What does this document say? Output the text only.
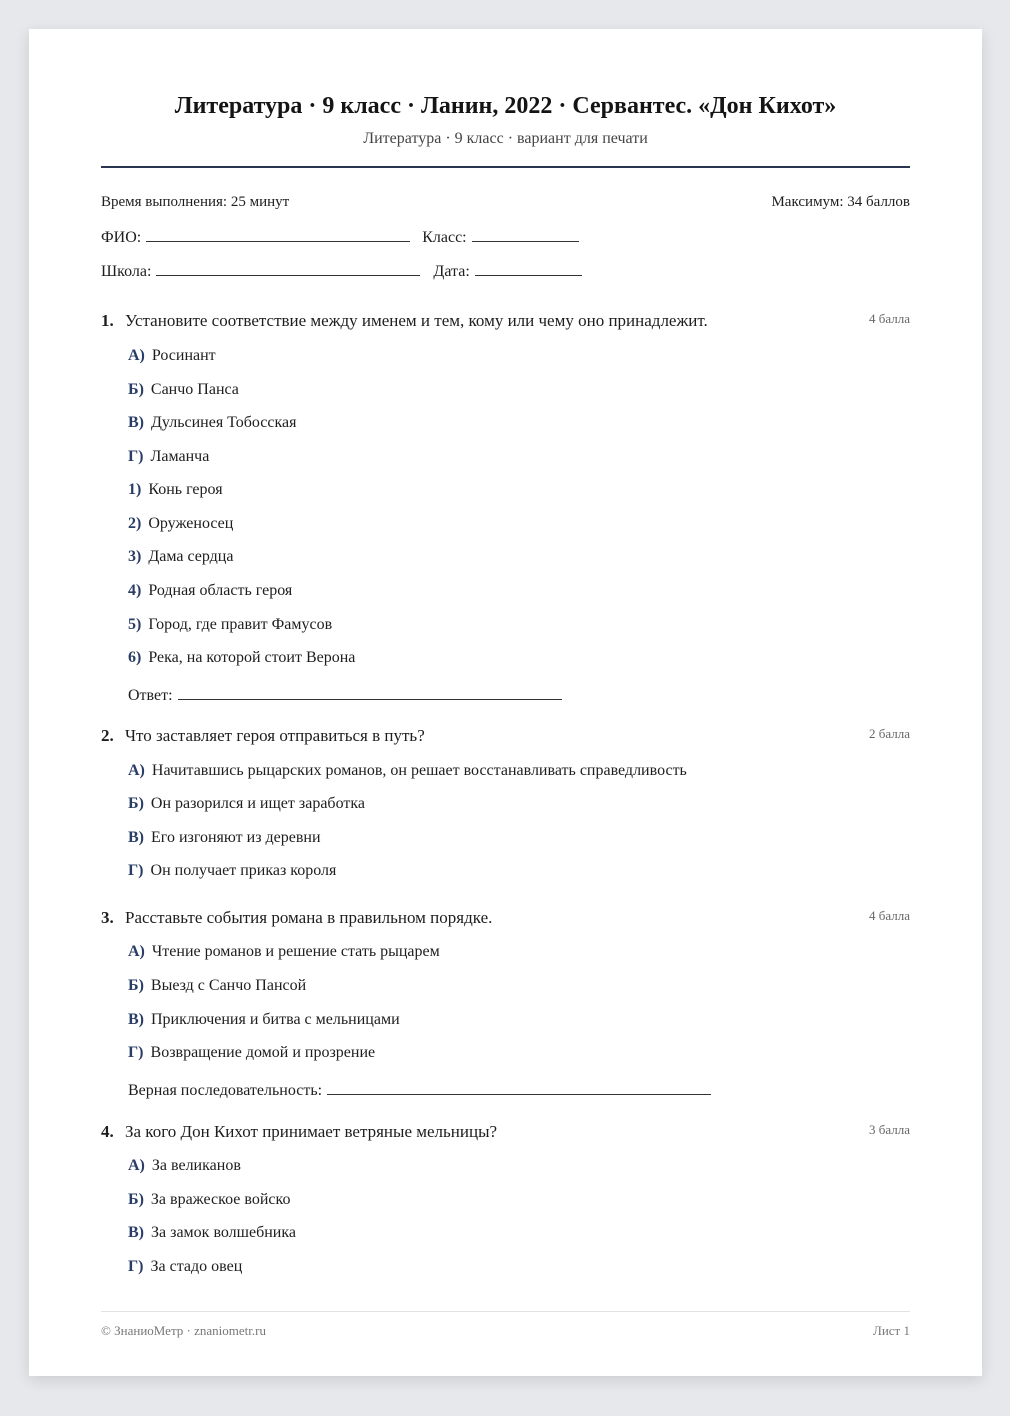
Литература · 9 класс · Ланин, 2022 · Сервантес. «Дон Кихот»
Литература · 9 класс · вариант для печати
Время выполнения: 25 минут	Максимум: 34 баллов
ФИО:	Класс:
Школа:	Дата:
1. Установите соответствие между именем и тем, кому или чему оно принадлежит.	4 балла
А) Росинант
Б) Санчо Панса
В) Дульсинея Тобосская
Г) Ламанча
1) Конь героя
2) Оруженосец
3) Дама сердца
4) Родная область героя
5) Город, где правит Фамусов
6) Река, на которой стоит Верона
Ответ:
2. Что заставляет героя отправиться в путь?	2 балла
А) Начитавшись рыцарских романов, он решает восстанавливать справедливость
Б) Он разорился и ищет заработка
В) Его изгоняют из деревни
Г) Он получает приказ короля
3. Расставьте события романа в правильном порядке.	4 балла
А) Чтение романов и решение стать рыцарем
Б) Выезд с Санчо Пансой
В) Приключения и битва с мельницами
Г) Возвращение домой и прозрение
Верная последовательность:
4. За кого Дон Кихот принимает ветряные мельницы?	3 балла
А) За великанов
Б) За вражеское войско
В) За замок волшебника
Г) За стадо овец
© ЗнаниоМетр · znaniometr.ru	Лист 1
